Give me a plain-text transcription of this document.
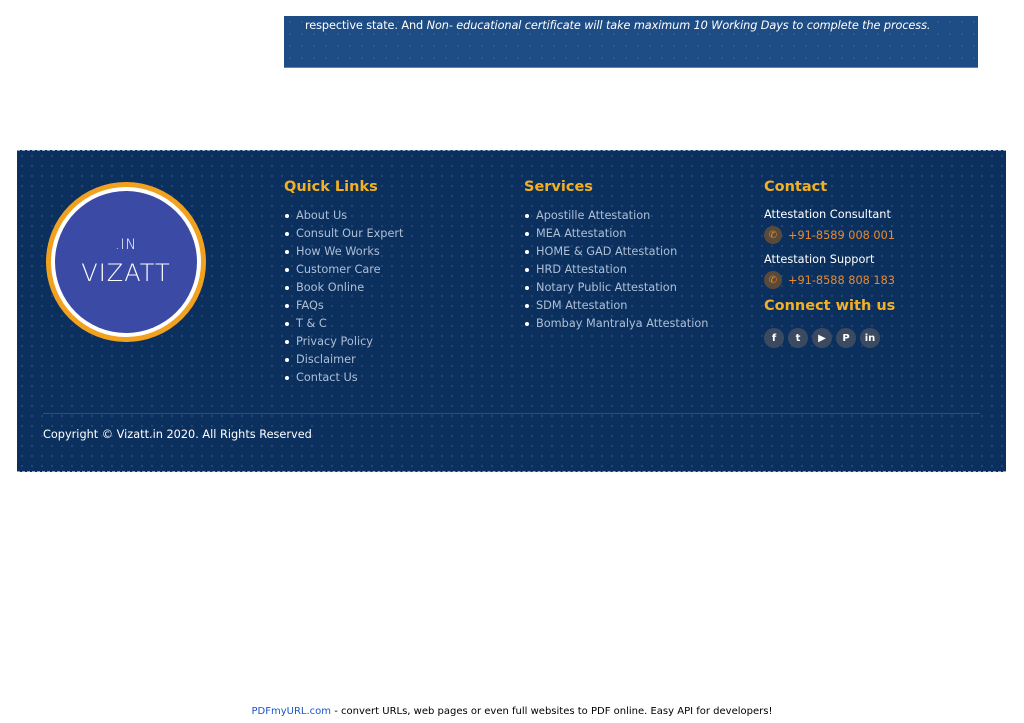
respective state. And Non- educational certificate will take maximum 10 Working Days to complete the process.
.IN
VIZATT
Quick Links
About Us
Consult Our Expert
How We Works
Customer Care
Book Online
FAQs
T & C
Privacy Policy
Disclaimer
Contact Us
Services
Apostille Attestation
MEA Attestation
HOME & GAD Attestation
HRD Attestation
Notary Public Attestation
SDM Attestation
Bombay Mantralya Attestation
Contact
Attestation Consultant
✆ +91-8589 008 001
Attestation Support
✆ +91-8588 808 183
Connect with us
f	t	▶	P	in
Copyright © Vizatt.in 2020. All Rights Reserved
PDFmyURL.com - convert URLs, web pages or even full websites to PDF online. Easy API for developers!
